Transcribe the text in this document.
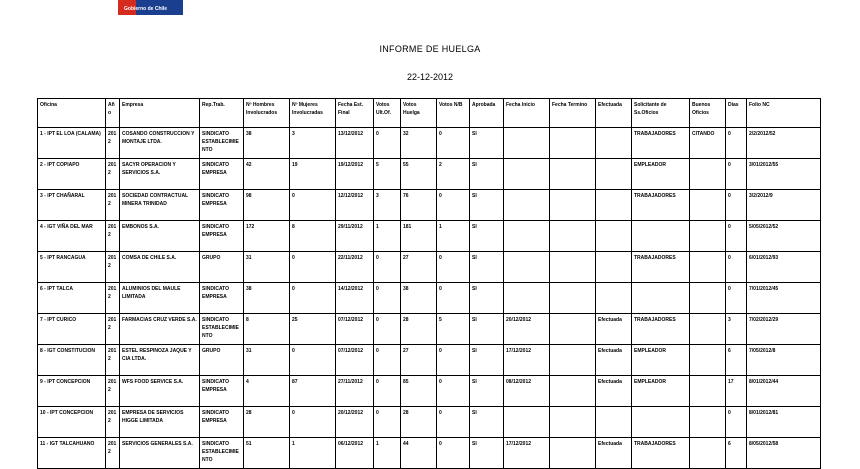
Gobierno de Chile
INFORME DE HUELGA
22-12-2012
Oficina	Año	Empresa	Rep.Trab.	Nº Hombres Involucrados	Nº Mujeres Involucradas	Fecha Est. Final	Votos Ult.Of.	Votos Huelga	Votos N/B	Aprobada	Fecha Inicio	Fecha Termino	Efectuada	Solicitante de Ss.Oficios	Buenos Oficios	Días	Folio NC
1 - IPT EL LOA (CALAMA)	2012	COSANDO CONSTRUCCION Y MONTAJE LTDA.	SINDICATO ESTABLECIMIENTO	38	3	13/12/2012	0	32	0	SI				TRABAJADORES	CITANDO	0	2/2/2012/52
2 - IPT COPIAPO	2012	SACYR OPERACION Y SERVICIOS S.A.	SINDICATO EMPRESA	42	19	19/12/2012	5	55	2	SI				EMPLEADOR		0	3/01/2012/55
3 - IPT CHAÑARAL	2012	SOCIEDAD CONTRACTUAL MINERA TRINIDAD	SINDICATO EMPRESA	98	0	12/12/2012	3	76	0	SI				TRABAJADORES		0	3/2/2012/9
4 - IGT VIÑA DEL MAR	2012	EMBONOS S.A.	SINDICATO EMPRESA	172	8	29/11/2012	1	181	1	SI						0	5/05/2012/52
5 - IPT RANCAGUA	2012	COMSA DE CHILE S.A.	GRUPO	31	0	22/11/2012	0	27	0	SI				TRABAJADORES		0	6/01/2012/93
6 - IPT TALCA	2012	ALUMINIOS DEL MAULE LIMITADA	SINDICATO EMPRESA	38	0	14/12/2012	0	38	0	SI						0	7/01/2012/45
7 - IPT CURICO	2012	FARMACIAS CRUZ VERDE S.A.	SINDICATO ESTABLECIMIENTO	8	25	07/12/2012	0	28	5	SI	20/12/2012		Efectuada	TRABAJADORES		3	7/02/2012/29
8 - IGT CONSTITUCION	2012	ESTEL RESPINOZA JAQUE Y CIA LTDA.	GRUPO	31	0	07/12/2012	0	27	0	SI	17/12/2012		Efectuada	EMPLEADOR		6	7/05/2012/8
9 - IPT CONCEPCION	2012	WFS FOOD SERVICE S.A.	SINDICATO EMPRESA	4	87	27/11/2012	0	85	0	SI	08/12/2012		Efectuada	EMPLEADOR		17	8/01/2012/44
10 - IPT CONCEPCION	2012	EMPRESA DE SERVICIOS HIGGE LIMITADA	SINDICATO EMPRESA	28	0	20/12/2012	0	28	0	SI						0	8/01/2012/81
11 - IGT TALCAHUANO	2012	SERVICIOS GENERALES S.A.	SINDICATO ESTABLECIMIENTO	51	1	06/12/2012	1	44	0	SI	17/12/2012		Efectuada	TRABAJADORES		6	8/05/2012/58
